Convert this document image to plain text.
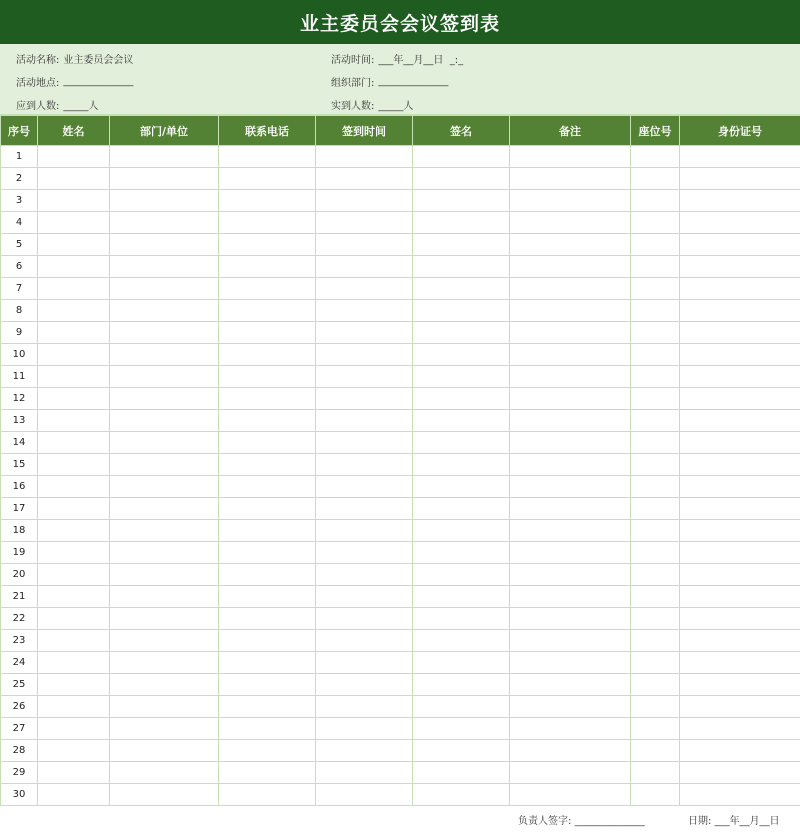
业主委员会会议签到表
活动名称: 业主委员会会议	活动时间: ___年__月__日  _:_
活动地点: ______________	组织部门: ______________
应到人数: _____人	实到人数: _____人
序号	姓名	部门/单位	联系电话	签到时间	签名	备注	座位号	身份证号
1								
2								
3								
4								
5								
6								
7								
8								
9								
10								
11								
12								
13								
14								
15								
16								
17								
18								
19								
20								
21								
22								
23								
24								
25								
26								
27								
28								
29								
30								
负责人签字: ______________	日期: ___年__月__日
